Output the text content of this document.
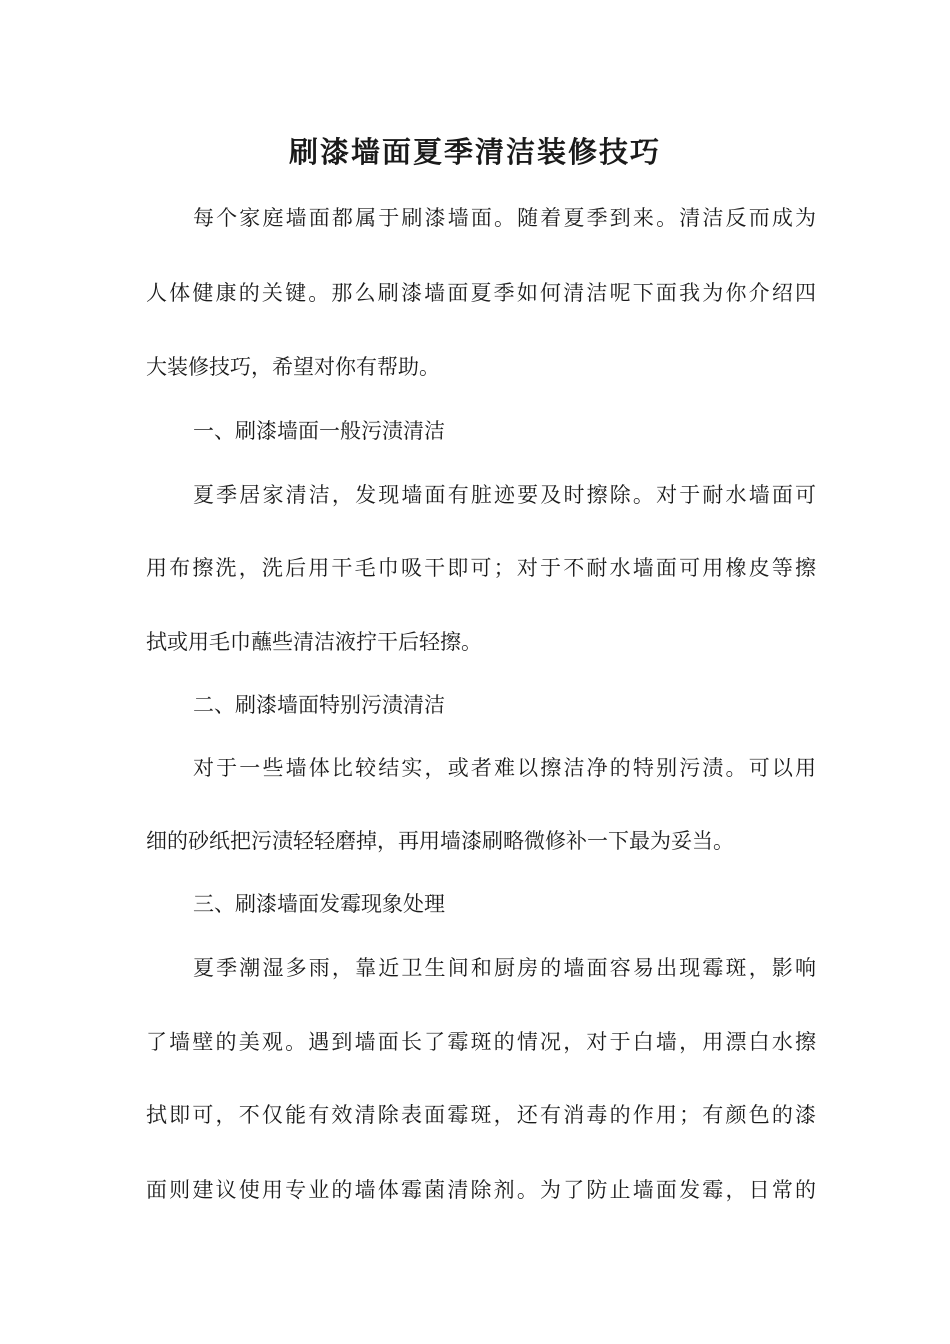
刷漆墙面夏季清洁装修技巧

每个家庭墙面都属于刷漆墙面。随着夏季到来。清洁反而成为

人体健康的关键。那么刷漆墙面夏季如何清洁呢下面我为你介绍四

大装修技巧，希望对你有帮助。

一、刷漆墙面一般污渍清洁

夏季居家清洁，发现墙面有脏迹要及时擦除。对于耐水墙面可

用布擦洗，洗后用干毛巾吸干即可；对于不耐水墙面可用橡皮等擦

拭或用毛巾蘸些清洁液拧干后轻擦。

二、刷漆墙面特别污渍清洁

对于一些墙体比较结实，或者难以擦洁净的特别污渍。可以用

细的砂纸把污渍轻轻磨掉，再用墙漆刷略微修补一下最为妥当。

三、刷漆墙面发霉现象处理

夏季潮湿多雨，靠近卫生间和厨房的墙面容易出现霉斑，影响

了墙壁的美观。遇到墙面长了霉斑的情况，对于白墙，用漂白水擦

拭即可，不仅能有效清除表面霉斑，还有消毒的作用；有颜色的漆

面则建议使用专业的墙体霉菌清除剂。为了防止墙面发霉，日常的
